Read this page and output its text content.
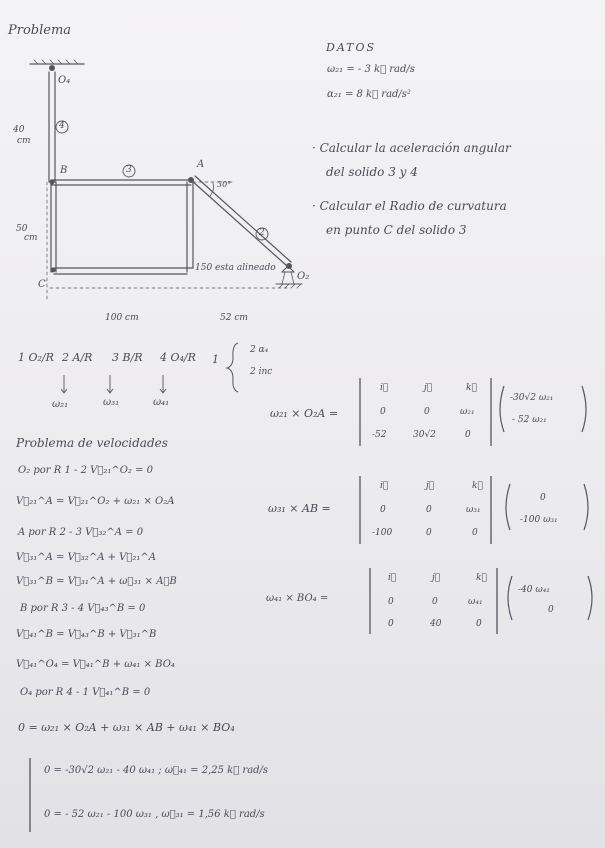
Problema
DATOS
ω₂₁ = - 3 k⃗ rad/s
α₂₁ = 8 k⃗ rad/s²
· Calcular la aceleración angular
del solido 3 y 4
· Calcular el Radio de curvatura
en punto C del solido 3
O₄
40
cm
4
B	3	A
30°
2
50
cm
150 esta alineado
C
O₂
100 cm	52 cm
1 O₂/R 2 A/R 3 B/R 4 O₄/R 1
2 α₄
2 inc
ω₂₁	ω₃₁	ω₄₁
ω₂₁ × O₂A =
i⃗	j⃗	k⃗
0	0	ω₂₁
-52	30√2	0
-30√2 ω₂₁
- 52 ω₂₁
Problema de velocidades
O₂ por R 1 - 2 V⃗₂₁^O₂ = 0
V⃗₂₁^A = V⃗₂₁^O₂ + ω₂₁ × O₂A
A por R 2 - 3 V⃗₃₂^A = 0
V⃗₃₁^A = V⃗₃₂^A + V⃗₂₁^A
V⃗₃₁^B = V⃗₃₁^A + ω⃗₃₁ × A⃗B
B por R 3 - 4 V⃗₄₃^B = 0
V⃗₄₁^B = V⃗₄₃^B + V⃗₃₁^B
V⃗₄₁^O₄ = V⃗₄₁^B + ω₄₁ × BO₄
O₄ por R 4 - 1 V⃗₄₁^B = 0
0 = ω₂₁ × O₂A + ω₃₁ × AB + ω₄₁ × BO₄
0 = -30√2 ω₂₁ - 40 ω₄₁ ; ω⃗₄₁ = 2,25 k⃗ rad/s
0 = - 52 ω₂₁ - 100 ω₃₁ , ω⃗₃₁ = 1,56 k⃗ rad/s
ω₃₁ × AB =
i⃗	j⃗	k⃗
0	0	ω₃₁
-100	0	0
0
-100 ω₃₁
ω₄₁ × BO₄ =
i⃗	j⃗	k⃗
0	0	ω₄₁
0	40	0
-40 ω₄₁
0
